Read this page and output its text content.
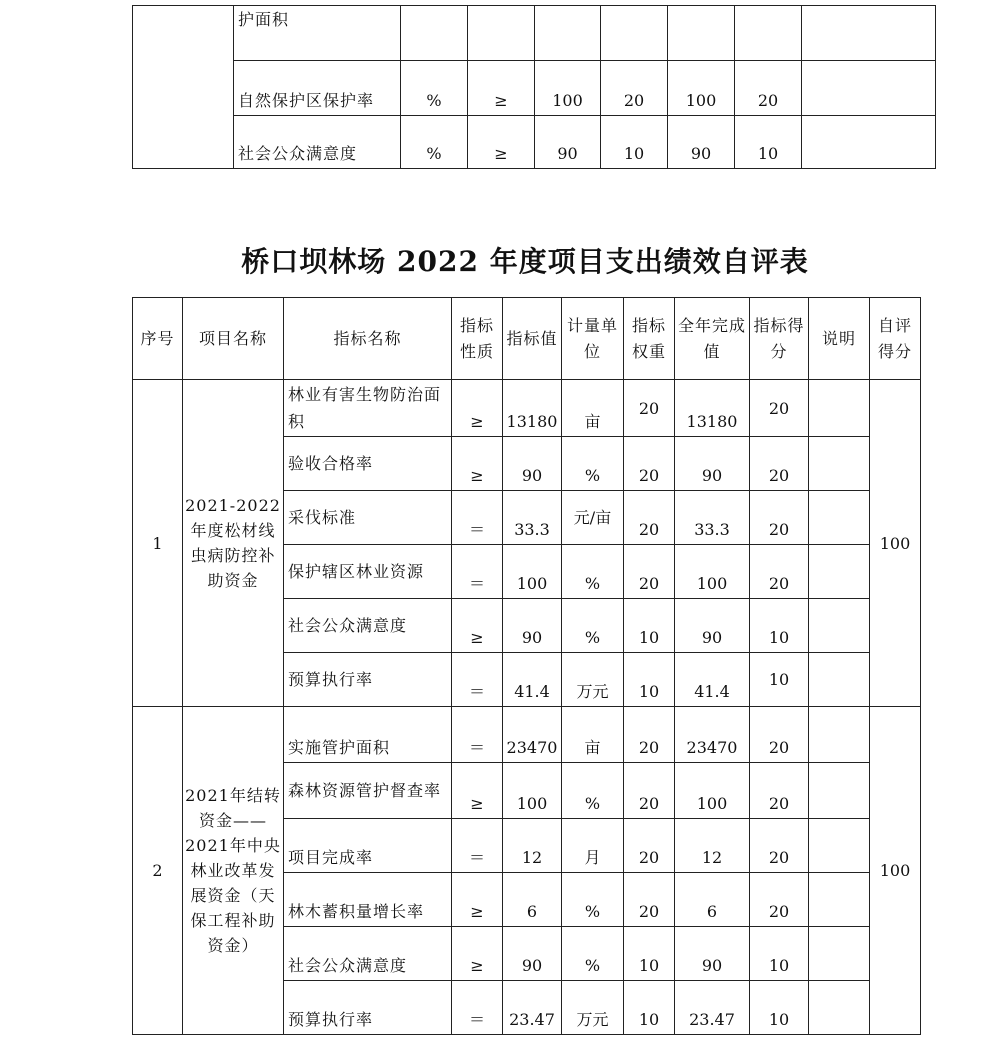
	护面积							
	自然保护区保护率	%	≥	100	20	100	20	
	社会公众满意度	%	≥	90	10	90	10	
桥口坝林场 2022 年度项目支出绩效自评表
序号	项目名称	指标名称	指标性质	指标值	计量单位	指标权重	全年完成值	指标得分	说明	自评得分
1	2021-2022年度松材线虫病防控补助资金	林业有害生物防治面积	≥	13180	亩	20	13180	20		100
		验收合格率	≥	90	%	20	90	20		
		采伐标准	＝	33.3	元/亩	20	33.3	20		
		保护辖区林业资源	＝	100	%	20	100	20		
		社会公众满意度	≥	90	%	10	90	10		
		预算执行率	＝	41.4	万元	10	41.4	10		
2	2021年结转资金——2021年中央林业改革发展资金（天保工程补助资金）	实施管护面积	＝	23470	亩	20	23470	20		100
		森林资源管护督查率	≥	100	%	20	100	20		
		项目完成率	＝	12	月	20	12	20		
		林木蓄积量增长率	≥	6	%	20	6	20		
		社会公众满意度	≥	90	%	10	90	10		
		预算执行率	＝	23.47	万元	10	23.47	10		
